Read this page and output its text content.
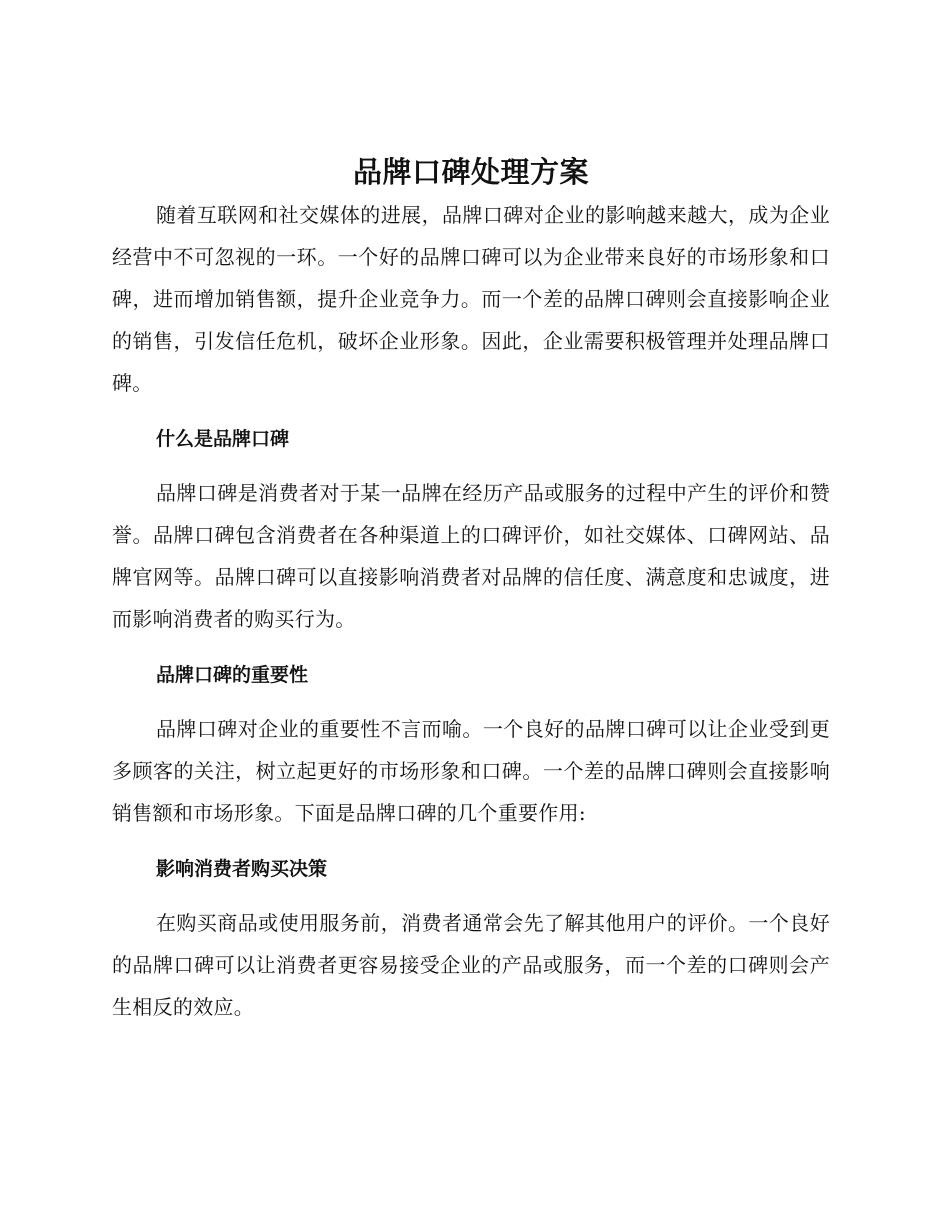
品牌口碑处理方案

随着互联网和社交媒体的进展，品牌口碑对企业的影响越来越大，成为企业经营中不可忽视的一环。一个好的品牌口碑可以为企业带来良好的市场形象和口碑，进而增加销售额，提升企业竞争力。而一个差的品牌口碑则会直接影响企业的销售，引发信任危机，破坏企业形象。因此，企业需要积极管理并处理品牌口碑。

什么是品牌口碑

品牌口碑是消费者对于某一品牌在经历产品或服务的过程中产生的评价和赞誉。品牌口碑包含消费者在各种渠道上的口碑评价，如社交媒体、口碑网站、品牌官网等。品牌口碑可以直接影响消费者对品牌的信任度、满意度和忠诚度，进而影响消费者的购买行为。

品牌口碑的重要性

品牌口碑对企业的重要性不言而喻。一个良好的品牌口碑可以让企业受到更多顾客的关注，树立起更好的市场形象和口碑。一个差的品牌口碑则会直接影响销售额和市场形象。下面是品牌口碑的几个重要作用:

影响消费者购买决策

在购买商品或使用服务前，消费者通常会先了解其他用户的评价。一个良好的品牌口碑可以让消费者更容易接受企业的产品或服务，而一个差的口碑则会产生相反的效应。
